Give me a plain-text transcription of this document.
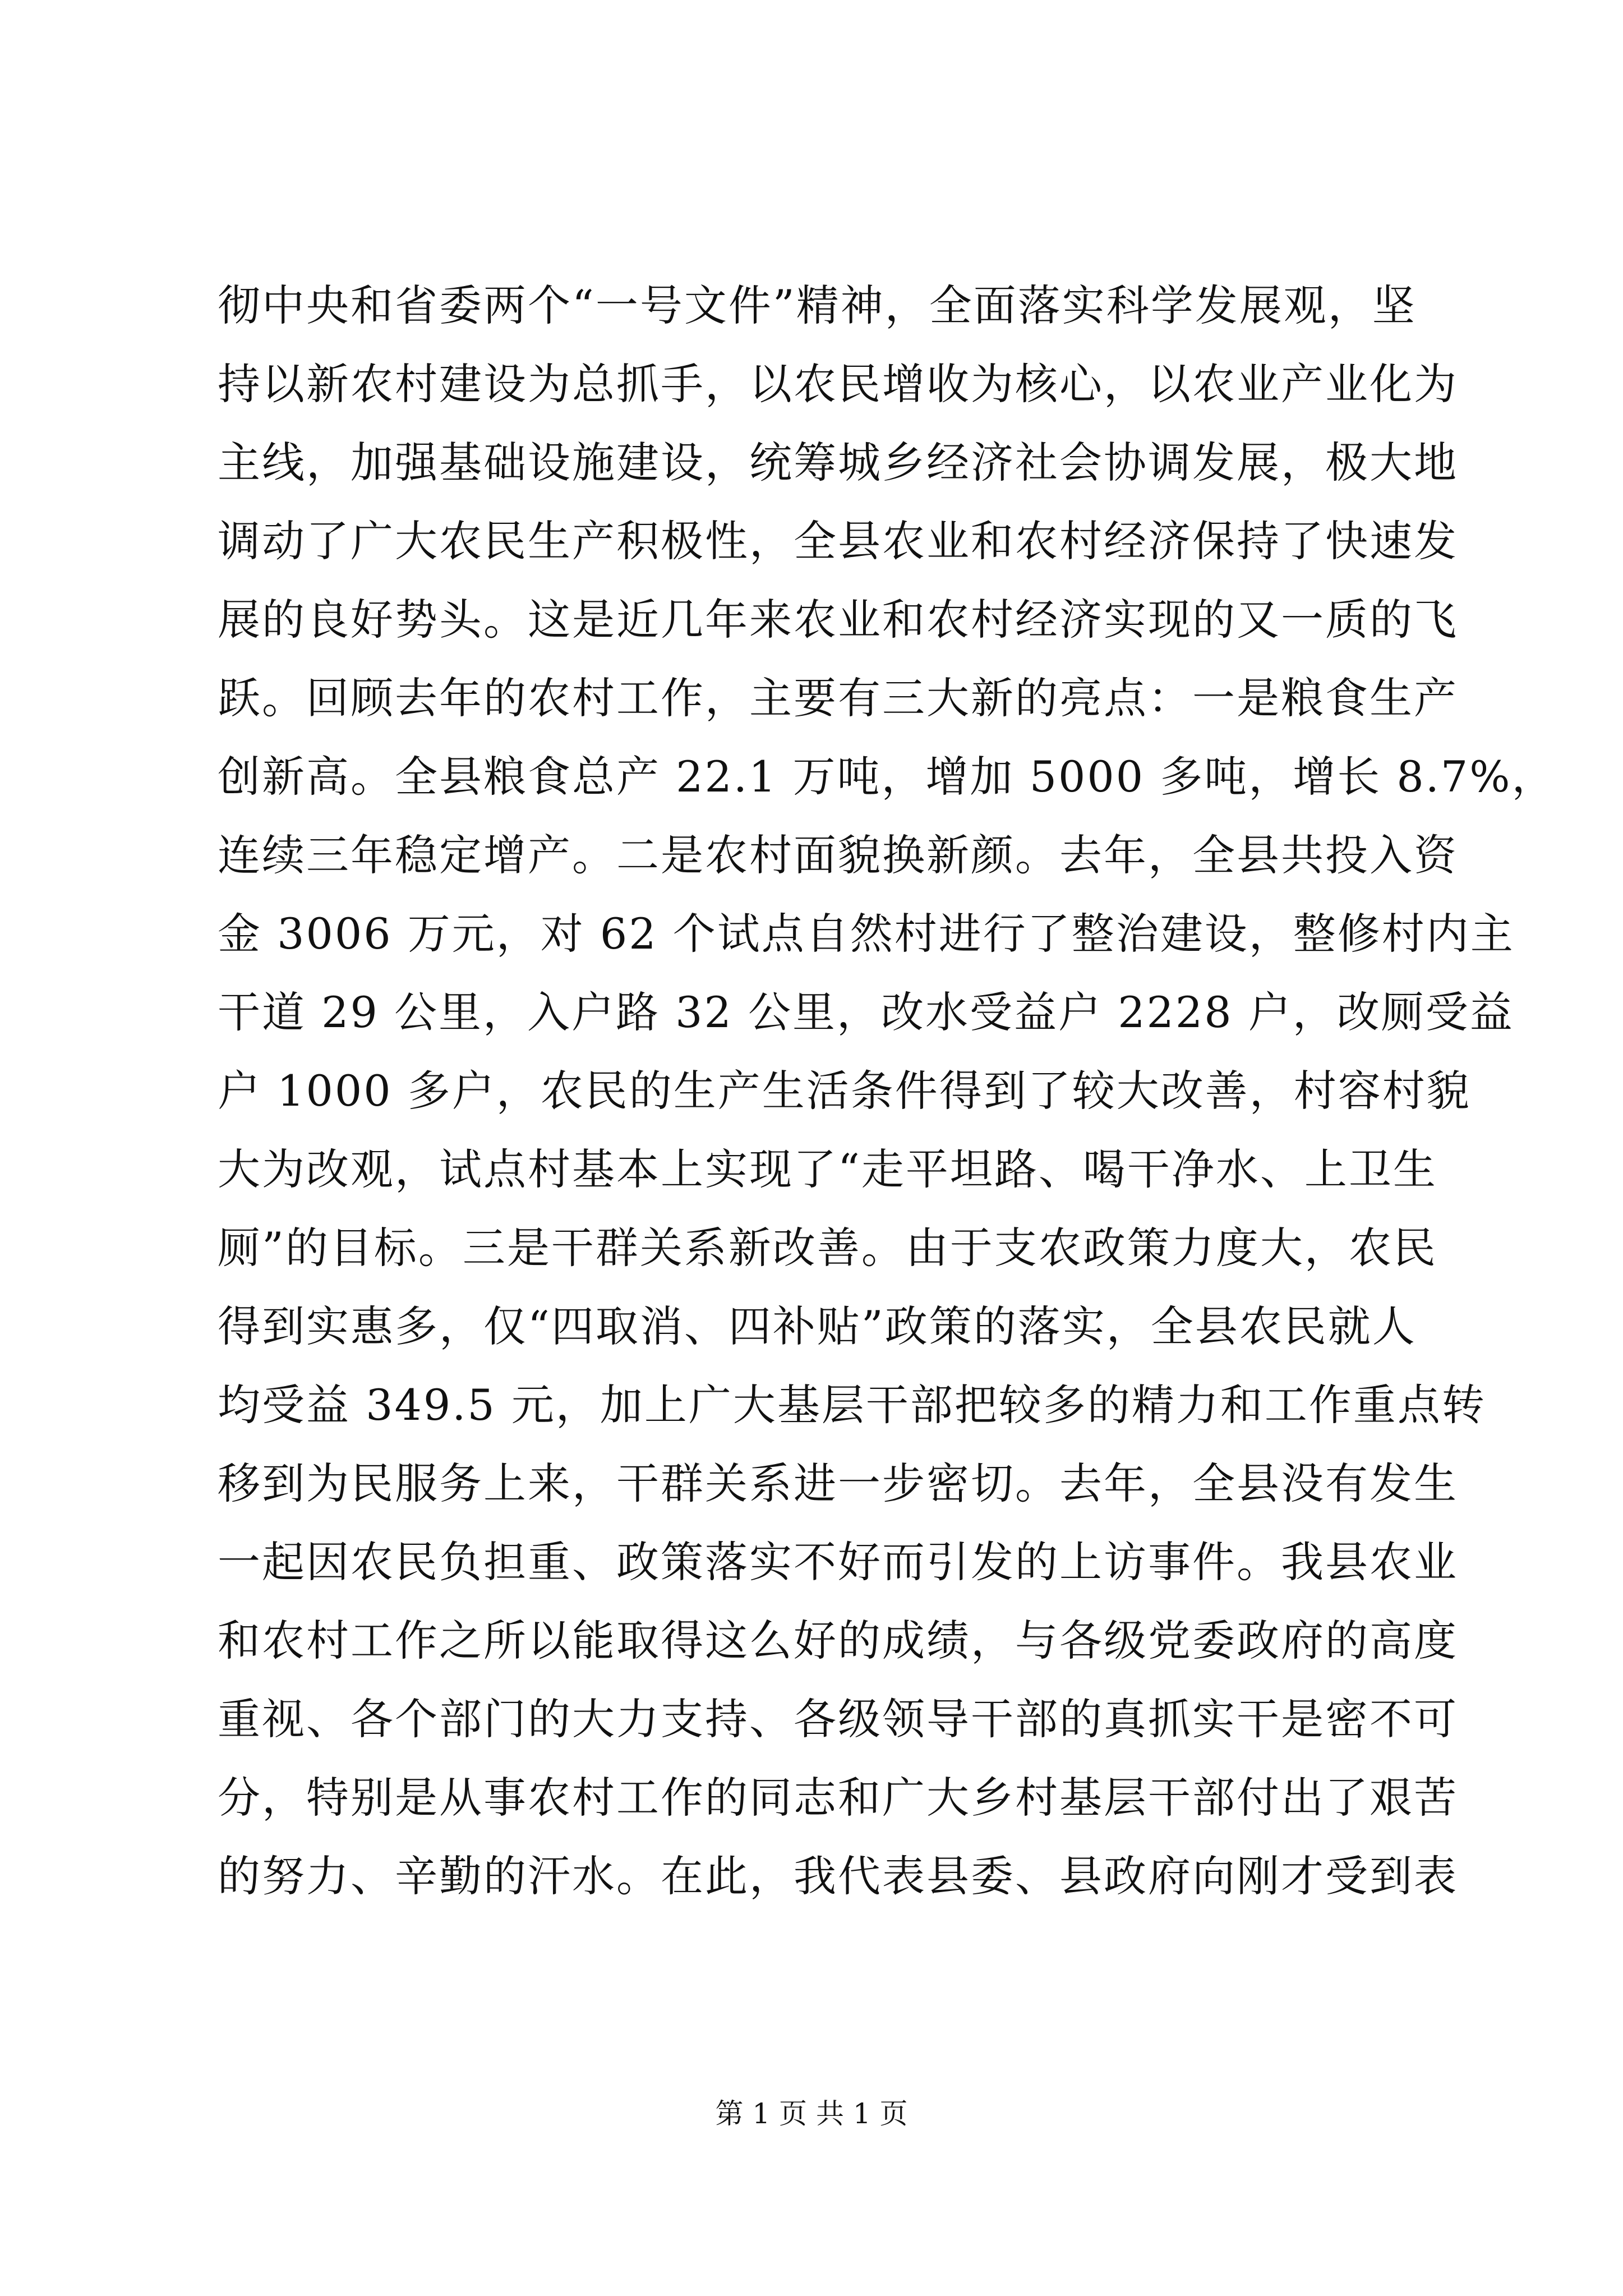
彻中央和省委两个“一号文件”精神，全面落实科学发展观，坚
持以新农村建设为总抓手，以农民增收为核心，以农业产业化为
主线，加强基础设施建设，统筹城乡经济社会协调发展，极大地
调动了广大农民生产积极性，全县农业和农村经济保持了快速发
展的良好势头。这是近几年来农业和农村经济实现的又一质的飞
跃。回顾去年的农村工作，主要有三大新的亮点：一是粮食生产
创新高。全县粮食总产 22.1 万吨，增加 5000 多吨，增长 8.7%，
连续三年稳定增产。二是农村面貌换新颜。去年，全县共投入资
金 3006 万元，对 62 个试点自然村进行了整治建设，整修村内主
干道 29 公里，入户路 32 公里，改水受益户 2228 户，改厕受益
户 1000 多户，农民的生产生活条件得到了较大改善，村容村貌
大为改观，试点村基本上实现了“走平坦路、喝干净水、上卫生
厕”的目标。三是干群关系新改善。由于支农政策力度大，农民
得到实惠多，仅“四取消、四补贴”政策的落实，全县农民就人
均受益 349.5 元，加上广大基层干部把较多的精力和工作重点转
移到为民服务上来，干群关系进一步密切。去年，全县没有发生
一起因农民负担重、政策落实不好而引发的上访事件。我县农业
和农村工作之所以能取得这么好的成绩，与各级党委政府的高度
重视、各个部门的大力支持、各级领导干部的真抓实干是密不可
分，特别是从事农村工作的同志和广大乡村基层干部付出了艰苦
的努力、辛勤的汗水。在此，我代表县委、县政府向刚才受到表
第 1 页 共 1 页
